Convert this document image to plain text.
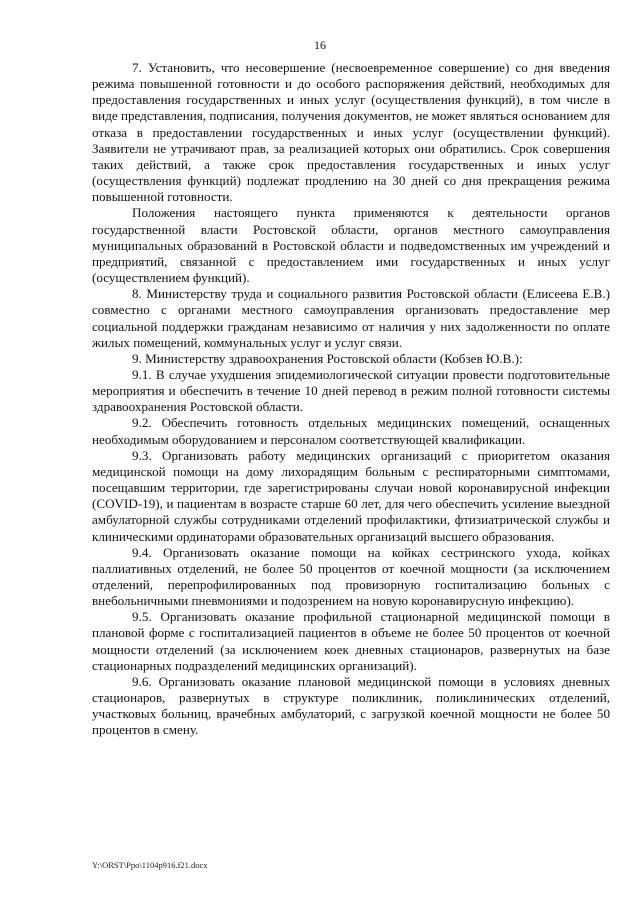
16

7. Установить, что несовершение (несвоевременное совершение) со дня введения режима повышенной готовности и до особого распоряжения действий, необходимых для предоставления государственных и иных услуг (осуществления функций), в том числе в виде представления, подписания, получения документов, не может являться основанием для отказа в предоставлении государственных и иных услуг (осуществлении функций). Заявители не утрачивают прав, за реализацией которых они обратились. Срок совершения таких действий, а также срок предоставления государственных и иных услуг (осуществления функций) подлежат продлению на 30 дней со дня прекращения режима повышенной готовности.

Положения настоящего пункта применяются к деятельности органов государственной власти Ростовской области, органов местного самоуправления муниципальных образований в Ростовской области и подведомственных им учреждений и предприятий, связанной с предоставлением ими государственных и иных услуг (осуществлением функций).

8. Министерству труда и социального развития Ростовской области (Елисеева Е.В.) совместно с органами местного самоуправления организовать предоставление мер социальной поддержки гражданам независимо от наличия у них задолженности по оплате жилых помещений, коммунальных услуг и услуг связи.

9. Министерству здравоохранения Ростовской области (Кобзев Ю.В.):

9.1. В случае ухудшения эпидемиологической ситуации провести подготовительные мероприятия и обеспечить в течение 10 дней перевод в режим полной готовности системы здравоохранения Ростовской области.

9.2. Обеспечить готовность отдельных медицинских помещений, оснащенных необходимым оборудованием и персоналом соответствующей квалификации.

9.3. Организовать работу медицинских организаций с приоритетом оказания медицинской помощи на дому лихорадящим больным с респираторными симптомами, посещавшим территории, где зарегистрированы случаи новой коронавирусной инфекции (COVID-19), и пациентам в возрасте старше 60 лет, для чего обеспечить усиление выездной амбулаторной службы сотрудниками отделений профилактики, фтизиатрической службы и клиническими ординаторами образовательных организаций высшего образования.

9.4. Организовать оказание помощи на койках сестринского ухода, койках паллиативных отделений, не более 50 процентов от коечной мощности (за исключением отделений, перепрофилированных под провизорную госпитализацию больных с внебольничными пневмониями и подозрением на новую коронавирусную инфекцию).

9.5. Организовать оказание профильной стационарной медицинской помощи в плановой форме с госпитализацией пациентов в объеме не более 50 процентов от коечной мощности отделений (за исключением коек дневных стационаров, развернутых на базе стационарных подразделений медицинских организаций).

9.6. Организовать оказание плановой медицинской помощи в условиях дневных стационаров, развернутых в структуре поликлиник, поликлинических отделений, участковых больниц, врачебных амбулаторий, с загрузкой коечной мощности не более 50 процентов в смену.

Y:\ORST\Ppo\1104p916.f21.docx
